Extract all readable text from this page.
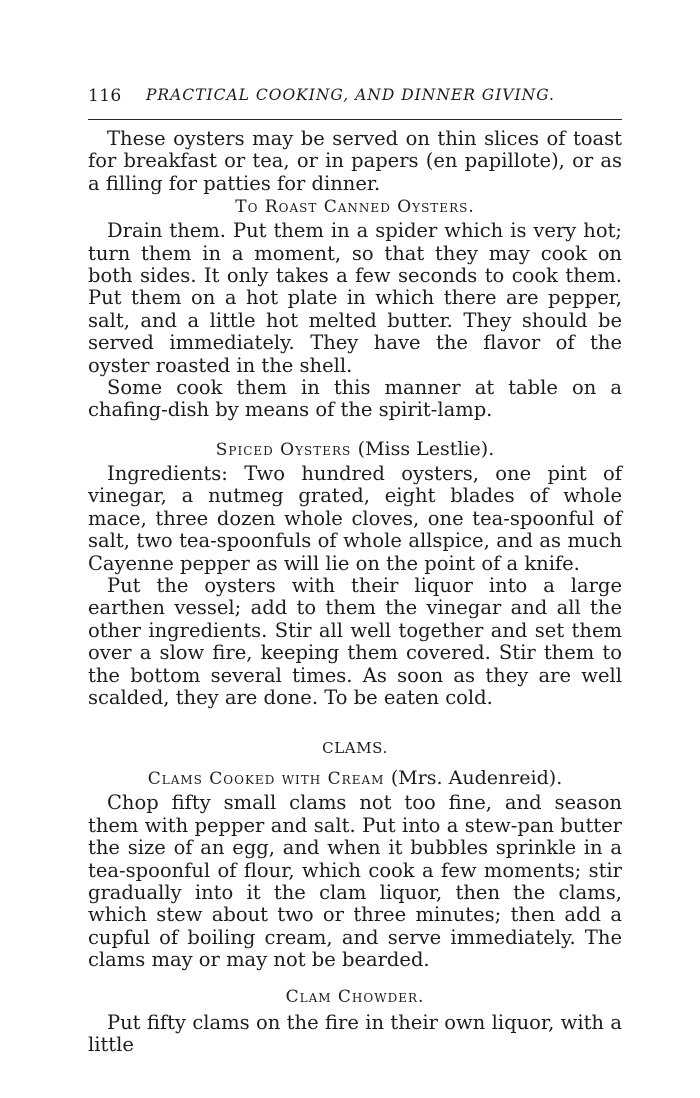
116 PRACTICAL COOKING, AND DINNER GIVING.

These oysters may be served on thin slices of toast for breakfast or tea, or in papers (en papillote), or as a filling for patties for dinner.

To Roast Canned Oysters.

Drain them. Put them in a spider which is very hot; turn them in a moment, so that they may cook on both sides. It only takes a few seconds to cook them. Put them on a hot plate in which there are pepper, salt, and a little hot melted butter. They should be served immediately. They have the flavor of the oyster roasted in the shell.

Some cook them in this manner at table on a chafing-dish by means of the spirit-lamp.

Spiced Oysters (Miss Lestlie).

Ingredients: Two hundred oysters, one pint of vinegar, a nutmeg grated, eight blades of whole mace, three dozen whole cloves, one tea-spoonful of salt, two tea-spoonfuls of whole allspice, and as much Cayenne pepper as will lie on the point of a knife.

Put the oysters with their liquor into a large earthen vessel; add to them the vinegar and all the other ingredients. Stir all well together and set them over a slow fire, keeping them covered. Stir them to the bottom several times. As soon as they are well scalded, they are done. To be eaten cold.

CLAMS.
Clams Cooked with Cream (Mrs. Audenreid).

Chop fifty small clams not too fine, and season them with pepper and salt. Put into a stew-pan butter the size of an egg, and when it bubbles sprinkle in a tea-spoonful of flour, which cook a few moments; stir gradually into it the clam liquor, then the clams, which stew about two or three minutes; then add a cupful of boiling cream, and serve immediately. The clams may or may not be bearded.

Clam Chowder.

Put fifty clams on the fire in their own liquor, with a little
